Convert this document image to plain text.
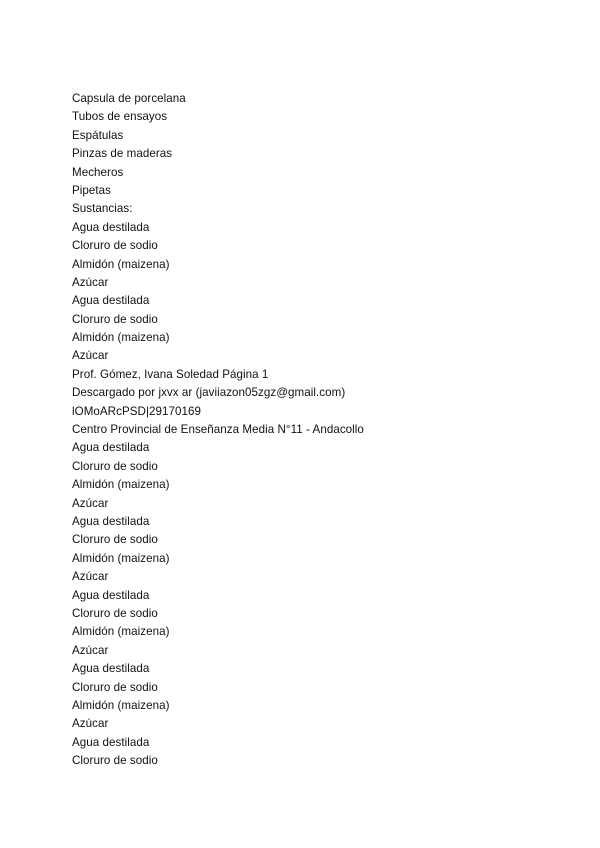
Capsula de porcelana
Tubos de ensayos
Espátulas
Pinzas de maderas
Mecheros
Pipetas
Sustancias:
Agua destilada
Cloruro de sodio
Almidón (maizena)
Azúcar
Agua destilada
Cloruro de sodio
Almidón (maizena)
Azúcar
Prof. Gómez, Ivana Soledad Página 1
Descargado por jxvx ar (javiiazon05zgz@gmail.com)
lOMoARcPSD|29170169
Centro Provincial de Enseñanza Media N°11 - Andacollo
Agua destilada
Cloruro de sodio
Almidón (maizena)
Azúcar
Agua destilada
Cloruro de sodio
Almidón (maizena)
Azúcar
Agua destilada
Cloruro de sodio
Almidón (maizena)
Azúcar
Agua destilada
Cloruro de sodio
Almidón (maizena)
Azúcar
Agua destilada
Cloruro de sodio
